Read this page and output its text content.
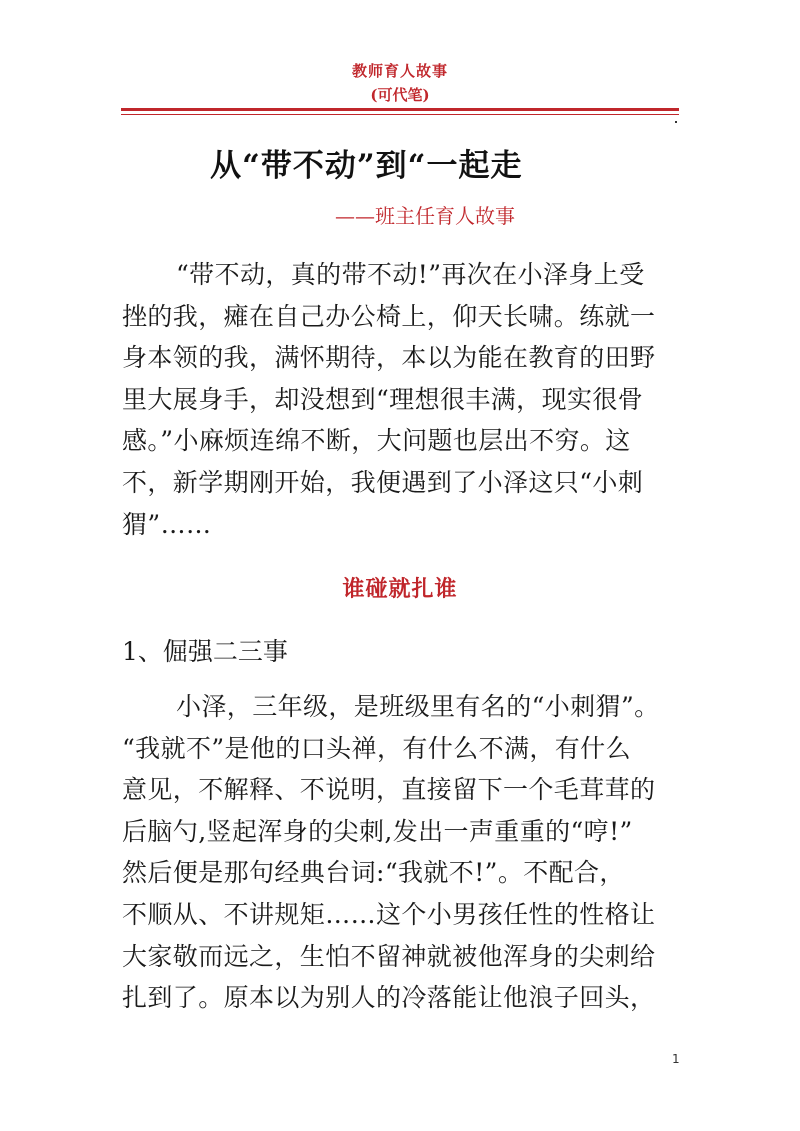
教师育人故事
(可代笔)
从“带不动”到“一起走
——班主任育人故事
“带不动，真的带不动!”再次在小泽身上受
挫的我，瘫在自己办公椅上，仰天长啸。练就一
身本领的我，满怀期待，本以为能在教育的田野
里大展身手，却没想到“理想很丰满，现实很骨
感。”小麻烦连绵不断，大问题也层出不穷。这
不，新学期刚开始，我便遇到了小泽这只“小刺
猬”……
谁碰就扎谁
1、倔强二三事
小泽，三年级，是班级里有名的“小刺猬”。
“我就不”是他的口头禅，有什么不满，有什么
意见，不解释、不说明，直接留下一个毛茸茸的
后脑勺,竖起浑身的尖刺,发出一声重重的“哼!”
然后便是那句经典台词:“我就不!”。不配合，
不顺从、不讲规矩……这个小男孩任性的性格让
大家敬而远之，生怕不留神就被他浑身的尖刺给
扎到了。原本以为别人的冷落能让他浪子回头，
1
